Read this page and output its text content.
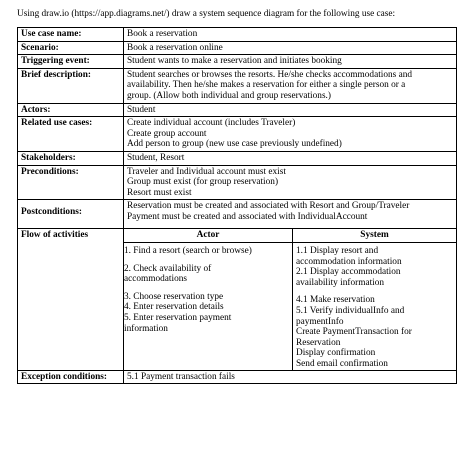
Using draw.io (https://app.diagrams.net/) draw a system sequence diagram for the following use case:
Use case name:	Book a reservation
Scenario:	Book a reservation online
Triggering event:	Student wants to make a reservation and initiates booking
Brief description:	Student searches or browses the resorts. He/she checks accommodations and
availability. Then he/she makes a reservation for either a single person or a
group. (Allow both individual and group reservations.)

Actors:	Student
Related use cases:	Create individual account (includes Traveler)
Create group account
Add person to group (new use case previously undefined)

Stakeholders:	Student, Resort
Preconditions:	Traveler and Individual account must exist
Group must exist (for group reservation)
Resort must exist

Postconditions:	
Reservation must be created and associated with Resort and Group/Traveler
Payment must be created and associated with IndividualAccount

Flow of activities		Actor	System

1. Find a resort (search or browse)
2. Check availability of
accommodations
3. Choose reservation type
4. Enter reservation details
5. Enter reservation payment
information

1.1 Display resort and
accommodation information
2.1 Display accommodation
availability information
4.1 Make reservation
5.1 Verify individualInfo and
paymentInfo
Create PaymentTransaction for
Reservation
Display confirmation
Send email confirmation

Exception conditions:	5.1 Payment transaction fails
